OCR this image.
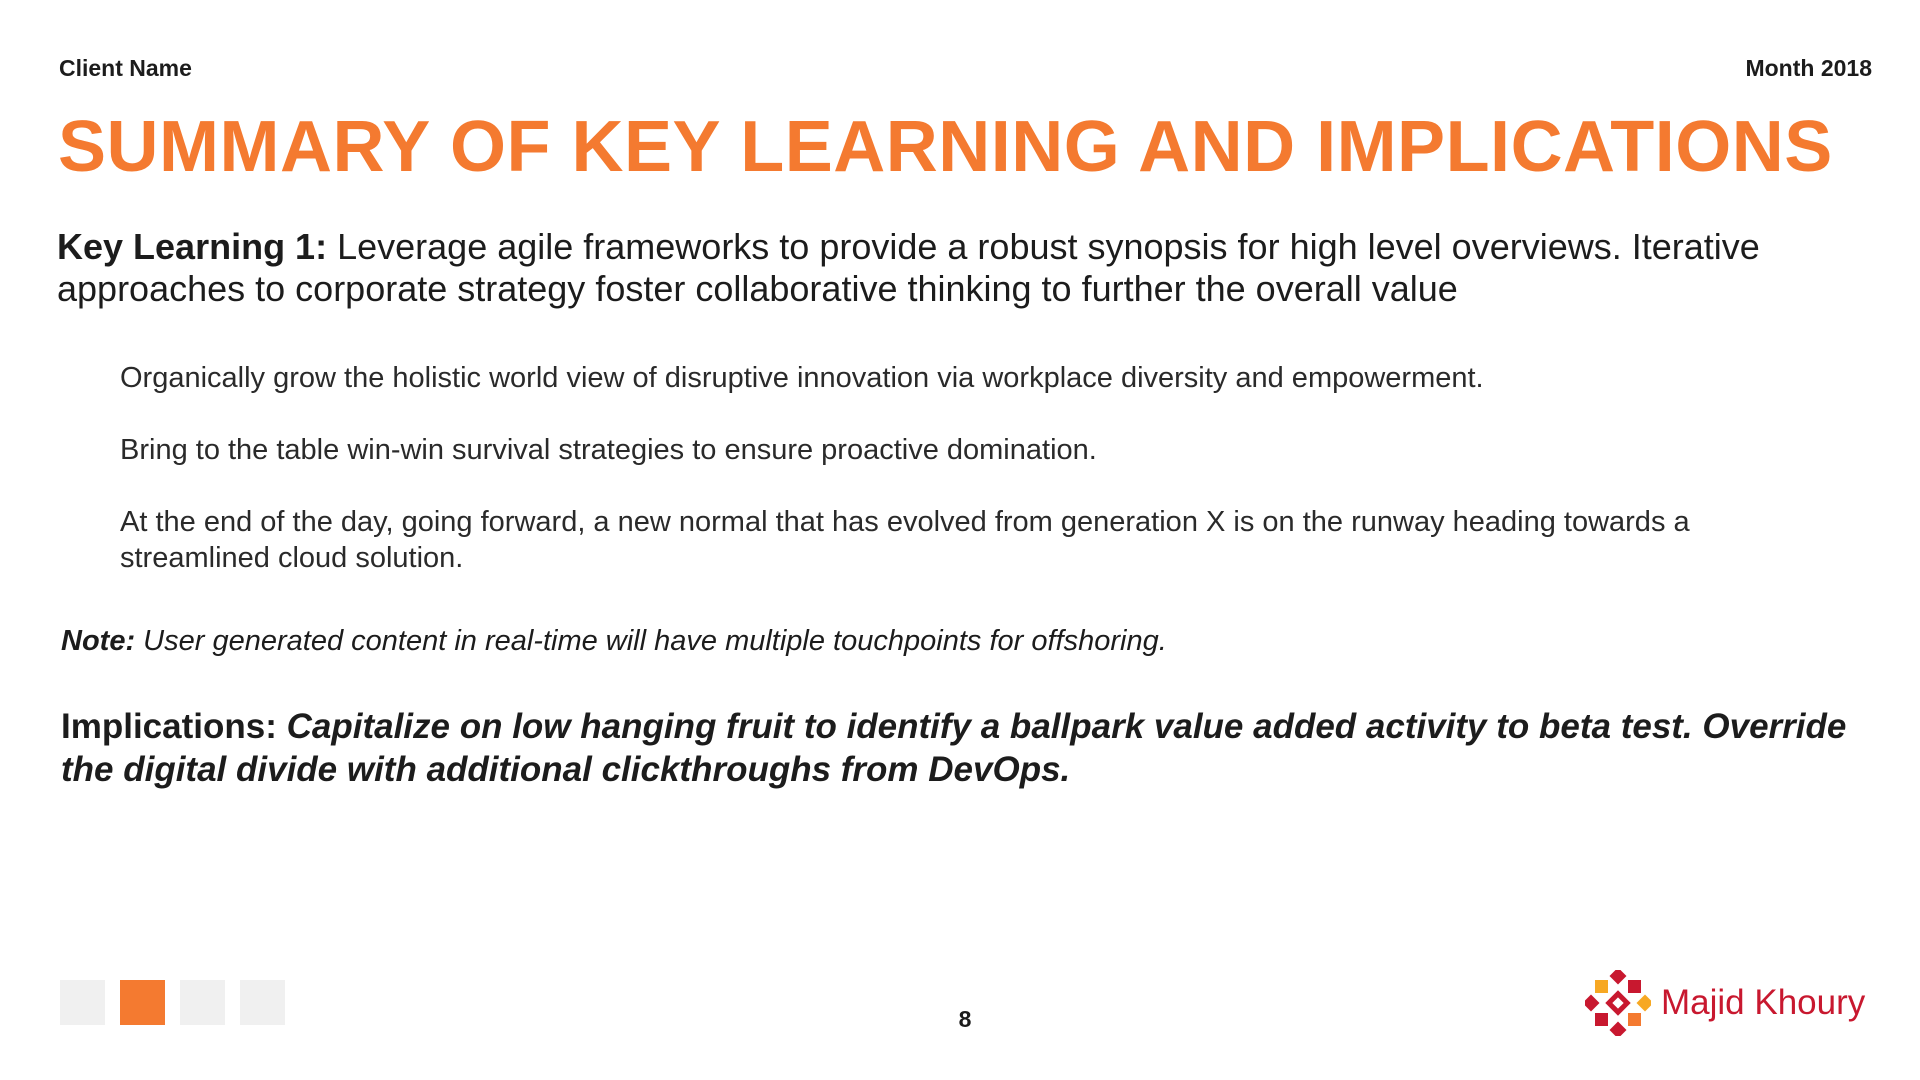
Client Name	Month 2018
SUMMARY OF KEY LEARNING AND IMPLICATIONS
Key Learning 1: Leverage agile frameworks to provide a robust synopsis for high level overviews. Iterative approaches to corporate strategy foster collaborative thinking to further the overall value

Organically grow the holistic world view of disruptive innovation via workplace diversity and empowerment.

Bring to the table win-win survival strategies to ensure proactive domination.

At the end of the day, going forward, a new normal that has evolved from generation X is on the runway heading towards a streamlined cloud solution.

Note: User generated content in real-time will have multiple touchpoints for offshoring.
Implications: Capitalize on low hanging fruit to identify a ballpark value added activity to beta test. Override the digital divide with additional clickthroughs from DevOps.
8	Majid Khoury
